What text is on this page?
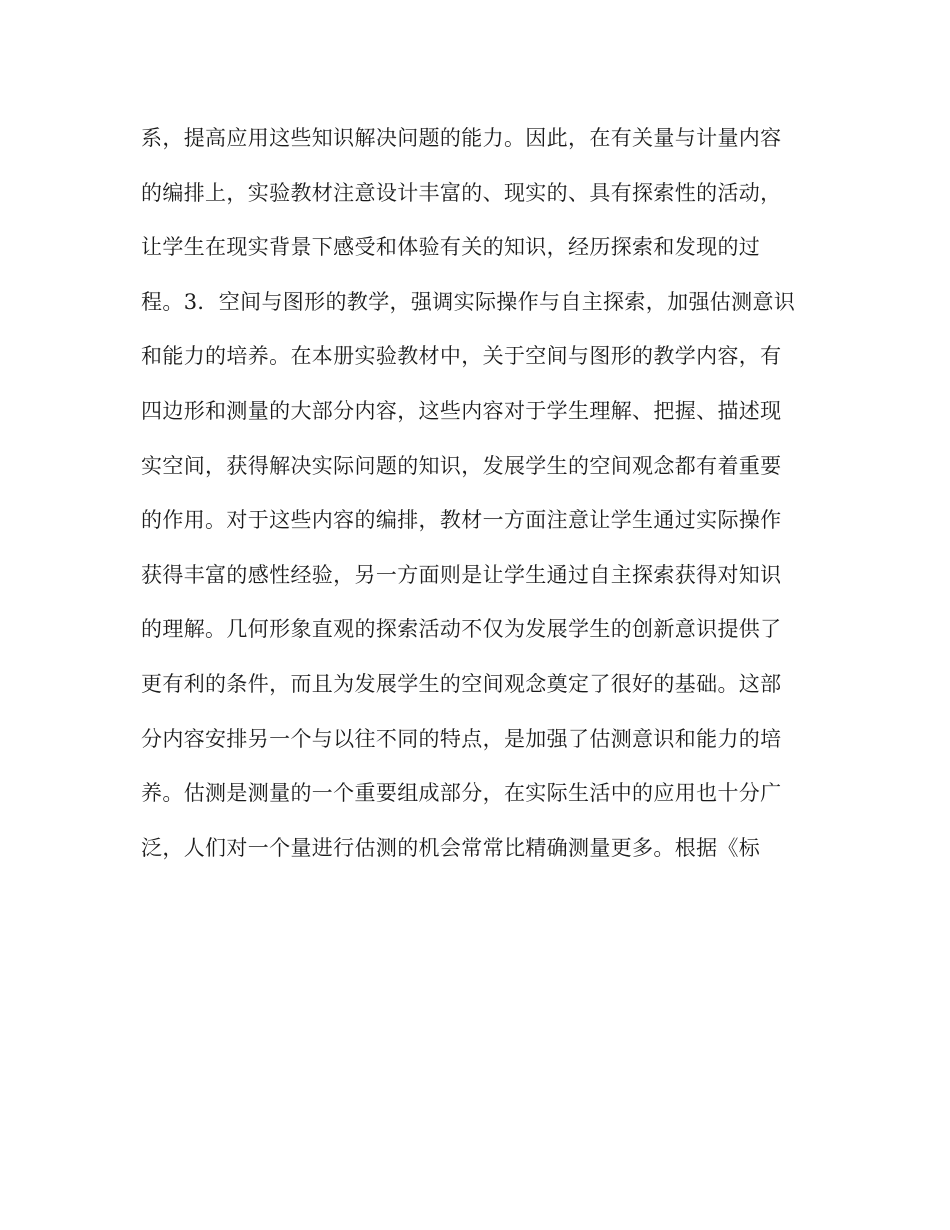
系，提高应用这些知识解决问题的能力。因此，在有关量与计量内容

的编排上，实验教材注意设计丰富的、现实的、具有探索性的活动，

让学生在现实背景下感受和体验有关的知识，经历探索和发现的过

程。3．空间与图形的教学，强调实际操作与自主探索，加强估测意识

和能力的培养。在本册实验教材中，关于空间与图形的教学内容，有

四边形和测量的大部分内容，这些内容对于学生理解、把握、描述现

实空间，获得解决实际问题的知识，发展学生的空间观念都有着重要

的作用。对于这些内容的编排，教材一方面注意让学生通过实际操作

获得丰富的感性经验，另一方面则是让学生通过自主探索获得对知识

的理解。几何形象直观的探索活动不仅为发展学生的创新意识提供了

更有利的条件，而且为发展学生的空间观念奠定了很好的基础。这部

分内容安排另一个与以往不同的特点，是加强了估测意识和能力的培

养。估测是测量的一个重要组成部分，在实际生活中的应用也十分广

泛，人们对一个量进行估测的机会常常比精确测量更多。根据《标
